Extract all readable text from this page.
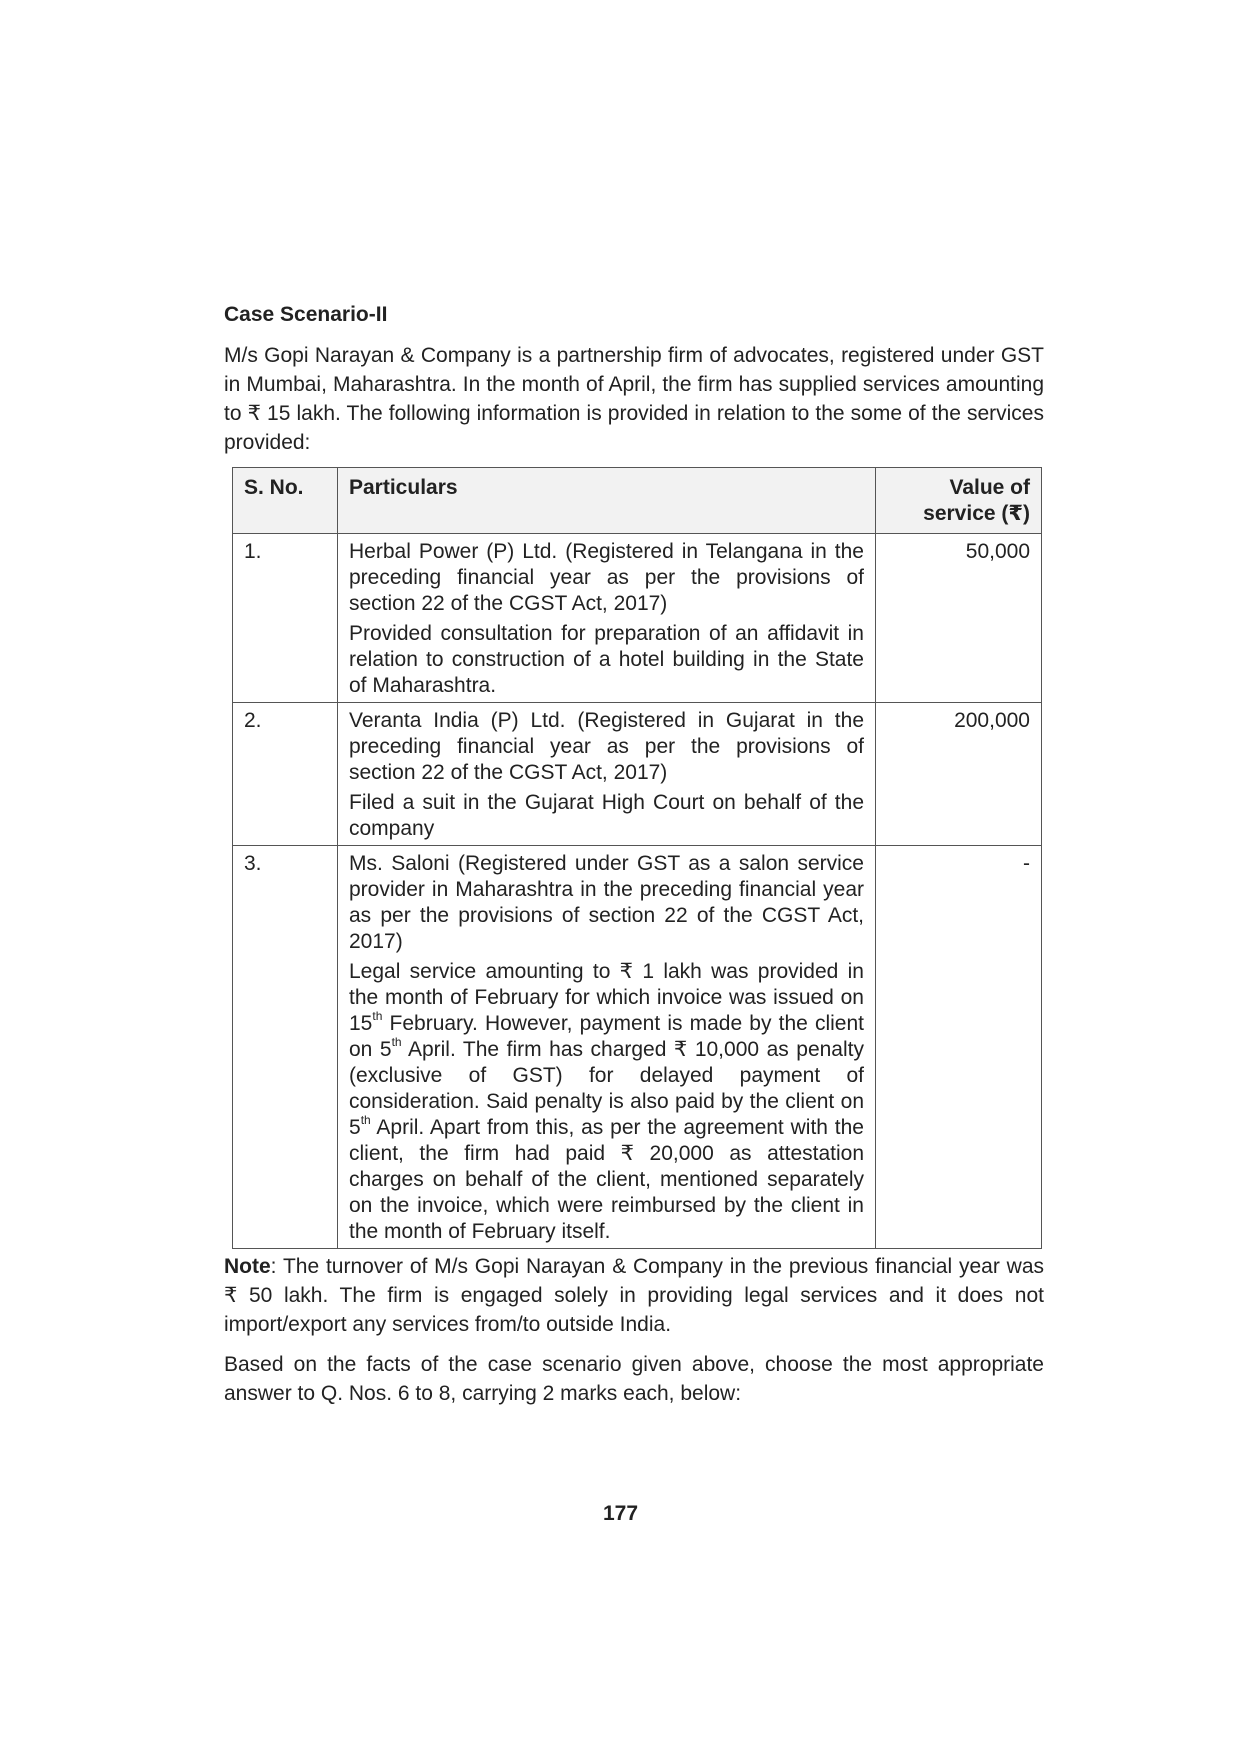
Case Scenario-II

M/s Gopi Narayan & Company is a partnership firm of advocates, registered under GST in Mumbai, Maharashtra. In the month of April, the firm has supplied services amounting to ₹ 15 lakh. The following information is provided in relation to the some of the services provided:

S. No.	Particulars	Value of service (₹)
1.	Herbal Power (P) Ltd. (Registered in Telangana in the preceding financial year as per the provisions of section 22 of the CGST Act, 2017)

Provided consultation for preparation of an affidavit in relation to construction of a hotel building in the State of Maharashtra.	50,000
2.	Veranta India (P) Ltd. (Registered in Gujarat in the preceding financial year as per the provisions of section 22 of the CGST Act, 2017)

Filed a suit in the Gujarat High Court on behalf of the company	200,000
3.	Ms. Saloni (Registered under GST as a salon service provider in Maharashtra in the preceding financial year as per the provisions of section 22 of the CGST Act, 2017)

Legal service amounting to ₹ 1 lakh was provided in the month of February for which invoice was issued on 15th February. However, payment is made by the client on 5th April. The firm has charged ₹ 10,000 as penalty (exclusive of GST) for delayed payment of consideration. Said penalty is also paid by the client on 5th April. Apart from this, as per the agreement with the client, the firm had paid ₹ 20,000 as attestation charges on behalf of the client, mentioned separately on the invoice, which were reimbursed by the client in the month of February itself.	-

Note: The turnover of M/s Gopi Narayan & Company in the previous financial year was ₹ 50 lakh. The firm is engaged solely in providing legal services and it does not import/export any services from/to outside India.

Based on the facts of the case scenario given above, choose the most appropriate answer to Q. Nos. 6 to 8, carrying 2 marks each, below:

177
